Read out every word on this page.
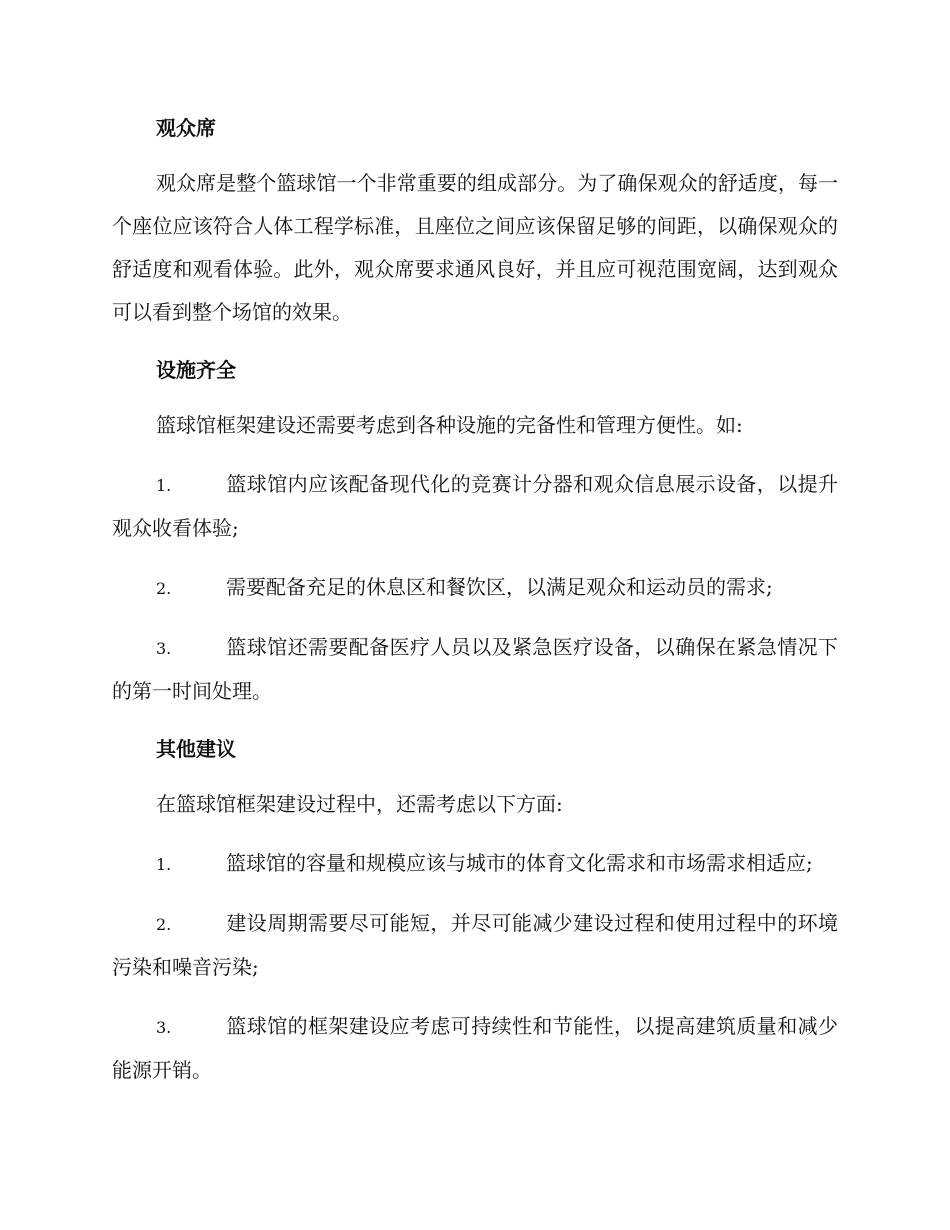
观众席

观众席是整个篮球馆一个非常重要的组成部分。为了确保观众的舒适度，每一个座位应该符合人体工程学标准，且座位之间应该保留足够的间距，以确保观众的舒适度和观看体验。此外，观众席要求通风良好，并且应可视范围宽阔，达到观众可以看到整个场馆的效果。

设施齐全

篮球馆框架建设还需要考虑到各种设施的完备性和管理方便性。如:

1.	篮球馆内应该配备现代化的竞赛计分器和观众信息展示设备，以提升观众收看体验;

2.	需要配备充足的休息区和餐饮区，以满足观众和运动员的需求;

3.	篮球馆还需要配备医疗人员以及紧急医疗设备，以确保在紧急情况下的第一时间处理。

其他建议

在篮球馆框架建设过程中，还需考虑以下方面:

1.	篮球馆的容量和规模应该与城市的体育文化需求和市场需求相适应;

2.	建设周期需要尽可能短，并尽可能减少建设过程和使用过程中的环境污染和噪音污染;

3.	篮球馆的框架建设应考虑可持续性和节能性，以提高建筑质量和减少能源开销。
